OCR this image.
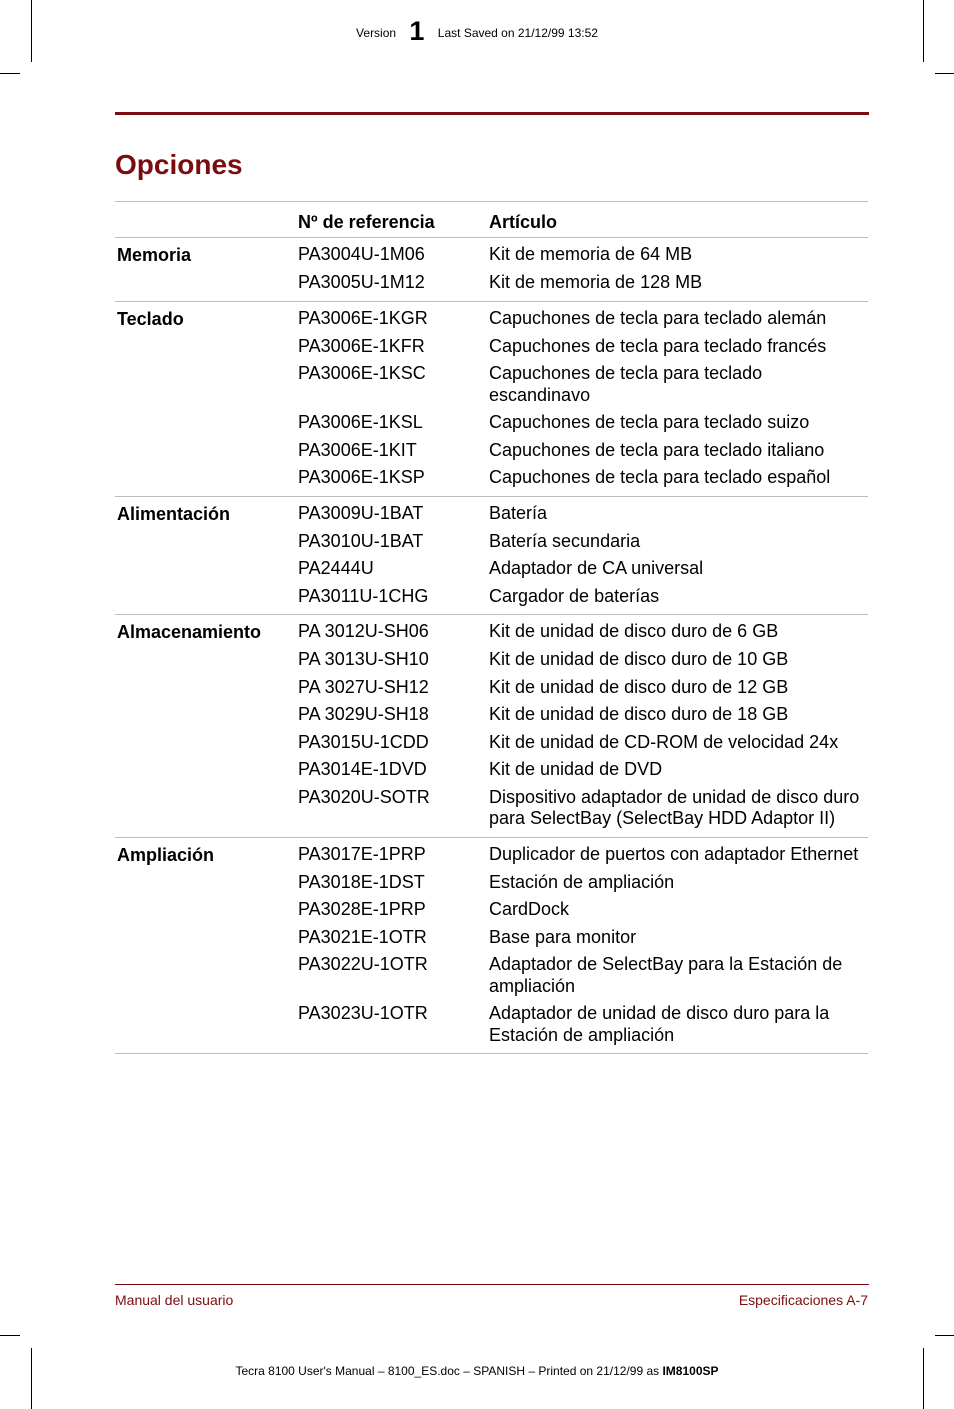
Version 1 Last Saved on 21/12/99 13:52
Opciones
	Nº de referencia	Artículo
Memoria	PA3004U-1M06	Kit de memoria de 64 MB
	PA3005U-1M12	Kit de memoria de 128 MB
Teclado	PA3006E-1KGR	Capuchones de tecla para teclado alemán
	PA3006E-1KFR	Capuchones de tecla para teclado francés
	PA3006E-1KSC	Capuchones de tecla para teclado escandinavo
	PA3006E-1KSL	Capuchones de tecla para teclado suizo
	PA3006E-1KIT	Capuchones de tecla para teclado italiano
	PA3006E-1KSP	Capuchones de tecla para teclado español
Alimentación	PA3009U-1BAT	Batería
	PA3010U-1BAT	Batería secundaria
	PA2444U	Adaptador de CA universal
	PA3011U-1CHG	Cargador de baterías
Almacenamiento	PA 3012U-SH06	Kit de unidad de disco duro de 6 GB
	PA 3013U-SH10	Kit de unidad de disco duro de 10 GB
	PA 3027U-SH12	Kit de unidad de disco duro de 12 GB
	PA 3029U-SH18	Kit de unidad de disco duro de 18 GB
	PA3015U-1CDD	Kit de unidad de CD-ROM de velocidad 24x
	PA3014E-1DVD	Kit de unidad de DVD
	PA3020U-SOTR	Dispositivo adaptador de unidad de disco duro para SelectBay (SelectBay HDD Adaptor II)
Ampliación	PA3017E-1PRP	Duplicador de puertos con adaptador Ethernet
	PA3018E-1DST	Estación de ampliación
	PA3028E-1PRP	CardDock
	PA3021E-1OTR	Base para monitor
	PA3022U-1OTR	Adaptador de SelectBay para la Estación de ampliación
	PA3023U-1OTR	Adaptador de unidad de disco duro para la Estación de ampliación
Manual del usuario	Especificaciones A-7
Tecra 8100 User's Manual – 8100_ES.doc – SPANISH – Printed on 21/12/99 as IM8100SP
